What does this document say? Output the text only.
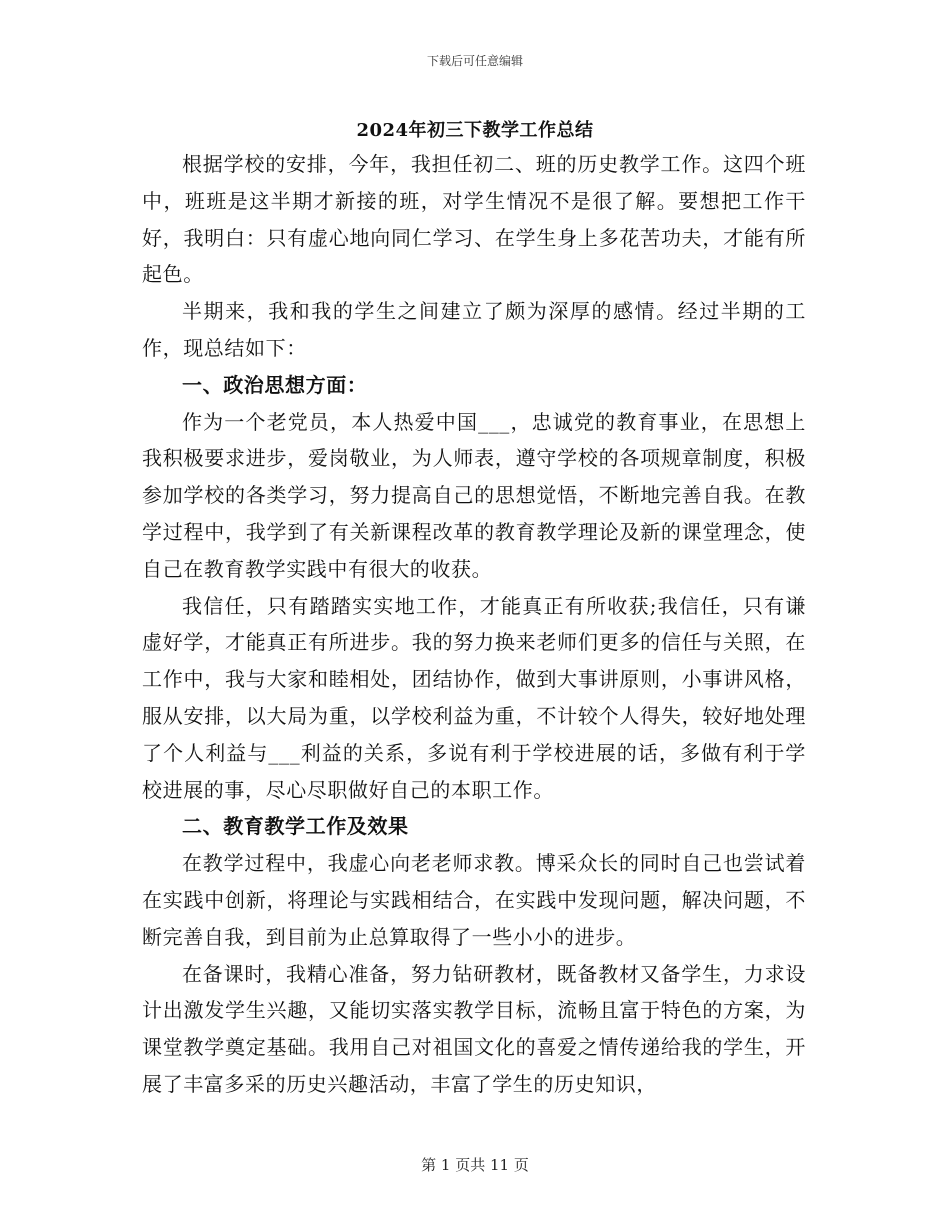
下载后可任意编辑
2024年初三下教学工作总结

根据学校的安排，今年，我担任初二、班的历史教学工作。这四个班中，班班是这半期才新接的班，对学生情况不是很了解。要想把工作干好，我明白：只有虚心地向同仁学习、在学生身上多花苦功夫，才能有所起色。

半期来，我和我的学生之间建立了颇为深厚的感情。经过半期的工作，现总结如下：

一、政治思想方面：

作为一个老党员，本人热爱中国___，忠诚党的教育事业，在思想上我积极要求进步，爱岗敬业，为人师表，遵守学校的各项规章制度，积极参加学校的各类学习，努力提高自己的思想觉悟，不断地完善自我。在教学过程中，我学到了有关新课程改革的教育教学理论及新的课堂理念，使自己在教育教学实践中有很大的收获。

我信任，只有踏踏实实地工作，才能真正有所收获;我信任，只有谦虚好学，才能真正有所进步。我的努力换来老师们更多的信任与关照，在工作中，我与大家和睦相处，团结协作，做到大事讲原则，小事讲风格，服从安排，以大局为重，以学校利益为重，不计较个人得失，较好地处理了个人利益与___利益的关系，多说有利于学校进展的话，多做有利于学校进展的事，尽心尽职做好自己的本职工作。

二、教育教学工作及效果

在教学过程中，我虚心向老老师求教。博采众长的同时自己也尝试着在实践中创新，将理论与实践相结合，在实践中发现问题，解决问题，不断完善自我，到目前为止总算取得了一些小小的进步。

在备课时，我精心准备，努力钻研教材，既备教材又备学生，力求设计出激发学生兴趣，又能切实落实教学目标，流畅且富于特色的方案，为课堂教学奠定基础。我用自己对祖国文化的喜爱之情传递给我的学生，开展了丰富多采的历史兴趣活动，丰富了学生的历史知识，

第 1 页共 11 页
